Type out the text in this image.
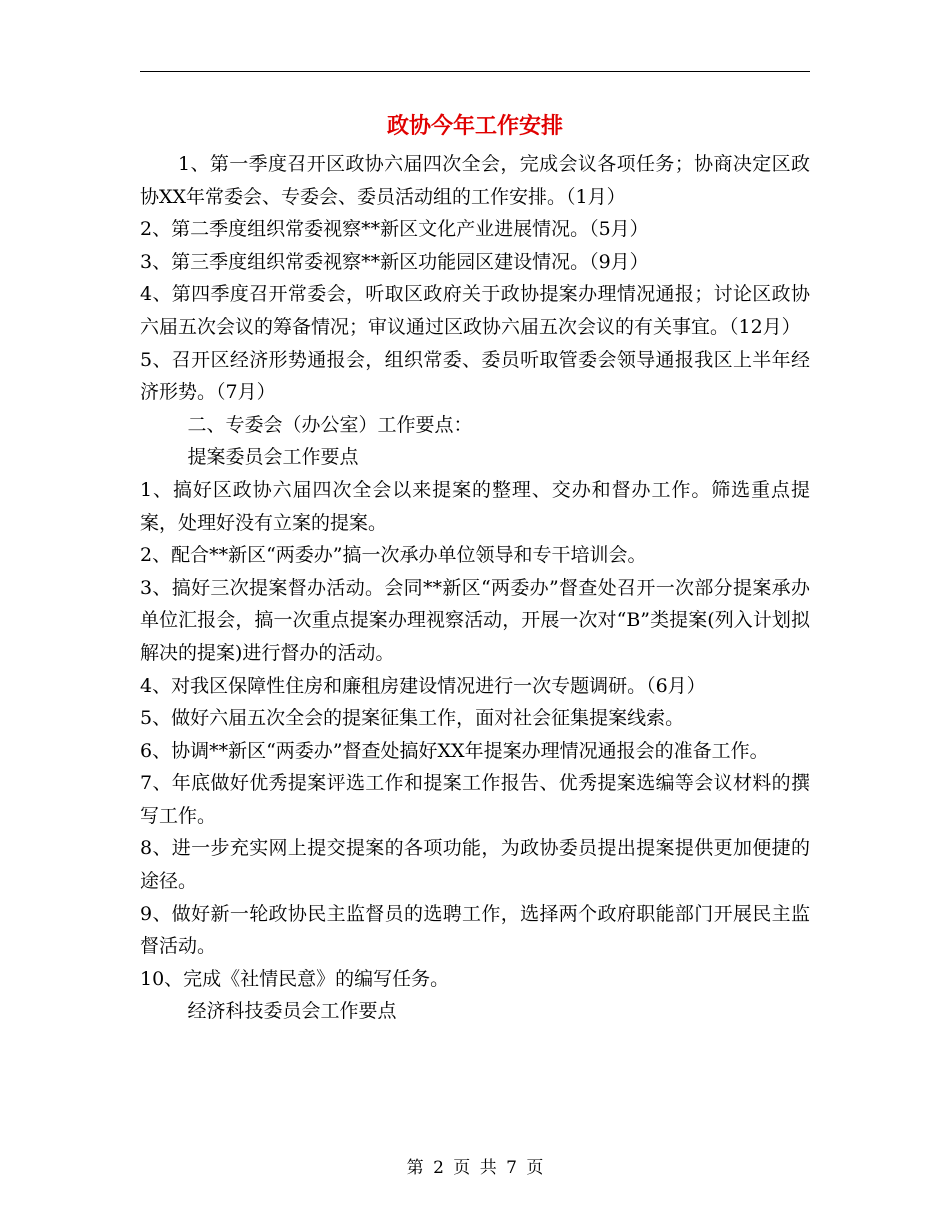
政协今年工作安排

1、第一季度召开区政协六届四次全会，完成会议各项任务；协商决定区政协XX年常委会、专委会、委员活动组的工作安排。（1月）

2、第二季度组织常委视察**新区文化产业进展情况。（5月）

3、第三季度组织常委视察**新区功能园区建设情况。（9月）

4、第四季度召开常委会，听取区政府关于政协提案办理情况通报；讨论区政协六届五次会议的筹备情况；审议通过区政协六届五次会议的有关事宜。（12月）

5、召开区经济形势通报会，组织常委、委员听取管委会领导通报我区上半年经济形势。（7月）

二、专委会（办公室）工作要点：

提案委员会工作要点

1、搞好区政协六届四次全会以来提案的整理、交办和督办工作。筛选重点提案，处理好没有立案的提案。

2、配合**新区“两委办”搞一次承办单位领导和专干培训会。

3、搞好三次提案督办活动。会同**新区“两委办”督查处召开一次部分提案承办单位汇报会，搞一次重点提案办理视察活动，开展一次对“B”类提案(列入计划拟解决的提案)进行督办的活动。

4、对我区保障性住房和廉租房建设情况进行一次专题调研。（6月）

5、做好六届五次全会的提案征集工作，面对社会征集提案线索。

6、协调**新区“两委办”督查处搞好XX年提案办理情况通报会的准备工作。

7、年底做好优秀提案评选工作和提案工作报告、优秀提案选编等会议材料的撰写工作。

8、进一步充实网上提交提案的各项功能，为政协委员提出提案提供更加便捷的途径。

9、做好新一轮政协民主监督员的选聘工作，选择两个政府职能部门开展民主监督活动。

10、完成《社情民意》的编写任务。

经济科技委员会工作要点

第 2 页 共 7 页
